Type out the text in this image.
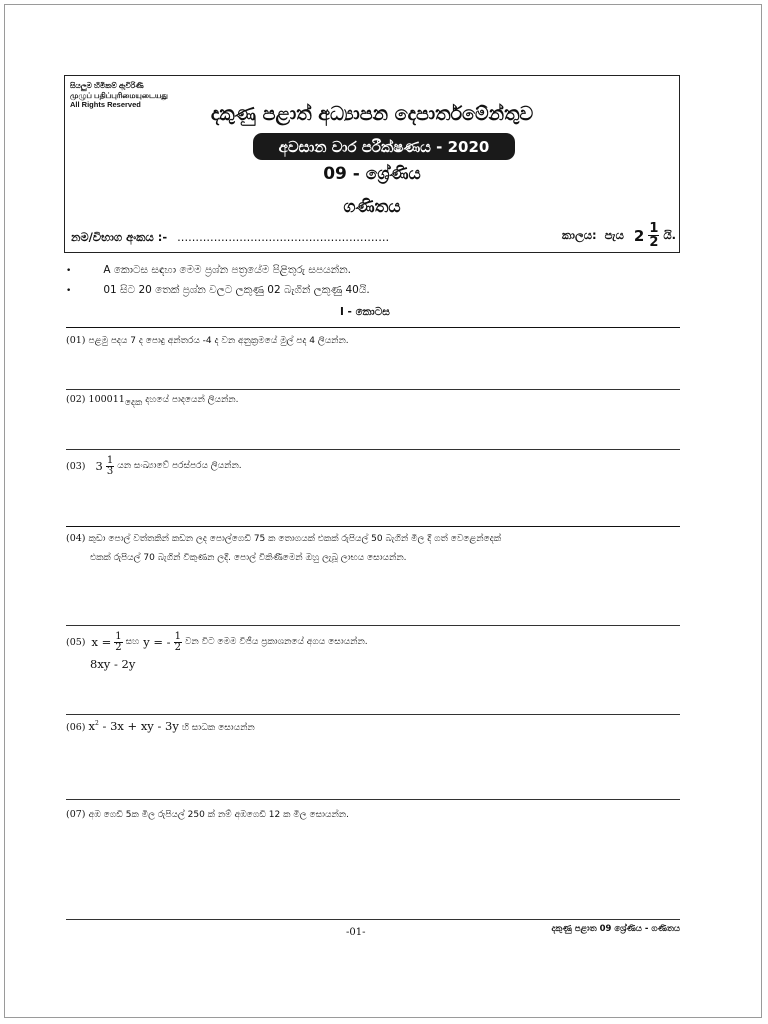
සියලුම හිමිකම් ඇවිරිණි
முழுப் பதிப்புரிமையுடையது
All Rights Reserved	දකුණු පළාත් අධ්‍යාපන දෙපාර්තමේන්තුව
අවසාන වාර පරීක්ෂණය - 2020
09 - ශ්‍රේණිය
ගණිතය
නම/විභාග අංකය :- ..........................................................	කාලය: පැය $2 \frac{1}{2}$ යි.
•	A කොටස සඳහා මෙම ප්‍රශ්න පත්‍රයේම පිළිතුරු සපයන්න.
•	01 සිට 20 තෙක් ප්‍රශ්න වලට ලකුණු 02 බැගින් ලකුණු 40යි.
I - කොටස
(01) පළමු පදය 7 ද පොදු අන්තරය -4 ද වන අනුක්‍රමයේ මුල් පද 4 ලියන්න.
(02) 100011දෙක දහයේ පාදයෙන් ලියන්න.
(03) $3 \frac{1}{3}$ යන සංඛ්‍යාවේ පරස්පරය ලියන්න.
(04) කුඩා පොල් වත්තකින් කඩන ලද පොල්ගෙඩි 75 ක තොගයක් එකක් රුපියල් 50 බැගින් මිල දී ගත් වෙළෙන්දෙක්
එකක් රුපියල් 70 බැගින් විකුණන ලදී. පොල් විකිණීමෙන් ඔහු ලැබූ ලාභය සොයන්න.
(05) $x = \frac{1}{2}$ සහ y = - $\frac{1}{2}$ වන විට මෙම වීජීය ප්‍රකාශනයේ අගය සොයන්න.
8xy - 2y
(06) $x^2 - 3x$ + xy - 3y හි සාධක සොයන්න
(07) අඹ ගෙඩි 5ක මිල රුපියල් 250 ක් නම් අඹගෙඩි 12 ක මිල සොයන්න.
-01-	දකුණු පළාත 09 ශ්‍රේණිය - ගණිතය
